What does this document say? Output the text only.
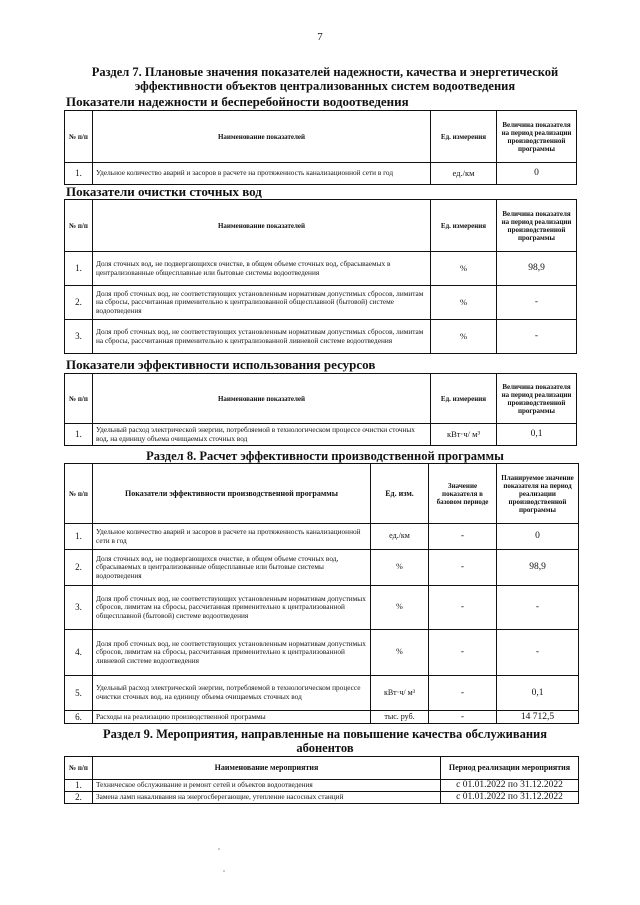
7
Раздел 7. Плановые значения показателей надежности, качества и энергетической
эффективности объектов централизованных систем водоотведения
Показатели надежности и бесперебойности водоотведения
№ п/п	Наименование показателей	Ед. измерения	Величина показателя на период реализации производственной программы
1.	Удельное количество аварий и засоров в расчете на протяженность канализационной сети в год	ед./км	0
Показатели очистки сточных вод
№ п/п	Наименование показателей	Ед. измерения	Величина показателя на период реализации производственной программы
1.	Доля сточных вод, не подвергающихся очистке, в общем объеме сточных вод, сбрасываемых в централизованные общесплавные или бытовые системы водоотведения	%	98,9
2.	Доля проб сточных вод, не соответствующих установленным нормативам допустимых сбросов, лимитам на сбросы, рассчитанная применительно к централизованной общесплавной (бытовой) системе водоотведения	%	-
3.	Доля проб сточных вод, не соответствующих установленным нормативам допустимых сбросов, лимитам на сбросы, рассчитанная применительно к централизованной ливневой системе водоотведения	%	-
Показатели эффективности использования ресурсов
№ п/п	Наименование показателей	Ед. измерения	Величина показателя на период реализации производственной программы
1.	Удельный расход электрической энергии, потребляемой в технологическом процессе очистки сточных вод, на единицу объема очищаемых сточных вод	кВт·ч/ м³	0,1
Раздел 8. Расчет эффективности производственной программы
№ п/п	Показатели эффективности производственной программы	Ед. изм.	Значение показателя в базовом периоде	Планируемое значение показателя на период реализации производственной программы
1.	Удельное количество аварий и засоров в расчете на протяженность канализационной сети в год	ед./км	-	0
2.	Доля сточных вод, не подвергающихся очистке, в общем объеме сточных вод, сбрасываемых в централизованные общесплавные или бытовые системы водоотведения	%	-	98,9
3.	Доля проб сточных вод, не соответствующих установленным нормативам допустимых сбросов, лимитам на сбросы, рассчитанная применительно к централизованной общесплавной (бытовой) системе водоотведения	%	-	-
4.	Доля проб сточных вод, не соответствующих установленным нормативам допустимых сбросов, лимитам на сбросы, рассчитанная применительно к централизованной ливневой системе водоотведения	%	-	-
5.	Удельный расход электрической энергии, потребляемой в технологическом процессе очистки сточных вод, на единицу объема очищаемых сточных вод	кВт·ч/ м³	-	0,1
6.	Расходы на реализацию производственной программы	тыс. руб.	-	14 712,5
Раздел 9. Мероприятия, направленные на повышение качества обслуживания
абонентов
№ п/п	Наименование мероприятия	Период реализации мероприятия
1.	Техническое обслуживание и ремонт сетей и объектов водоотведения	с 01.01.2022 по 31.12.2022
2.	Замена ламп накаливания на энергосберегающие, утепление насосных станций	с 01.01.2022 по 31.12.2022
